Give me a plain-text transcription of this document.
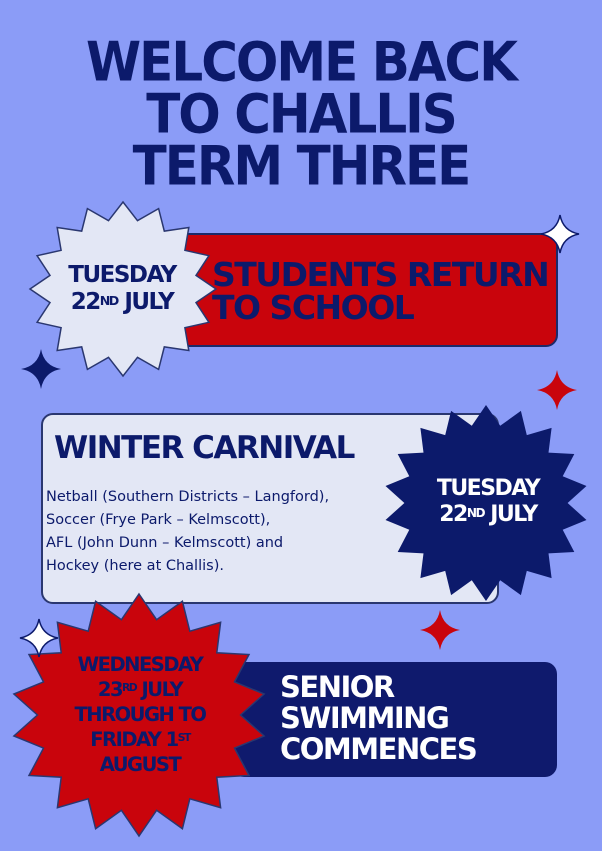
WELCOME BACK
TO CHALLIS
TERM THREE
STUDENTS RETURN
TO SCHOOL
TUESDAY
22ND JULY
WINTER CARNIVAL
Netball (Southern Districts – Langford),
Soccer (Frye Park – Kelmscott),
AFL (John Dunn – Kelmscott) and
Hockey (here at Challis).
TUESDAY
22ND JULY
SENIOR
SWIMMING
COMMENCES
WEDNESDAY
23RD JULY
THROUGH TO
FRIDAY 1ST
AUGUST
